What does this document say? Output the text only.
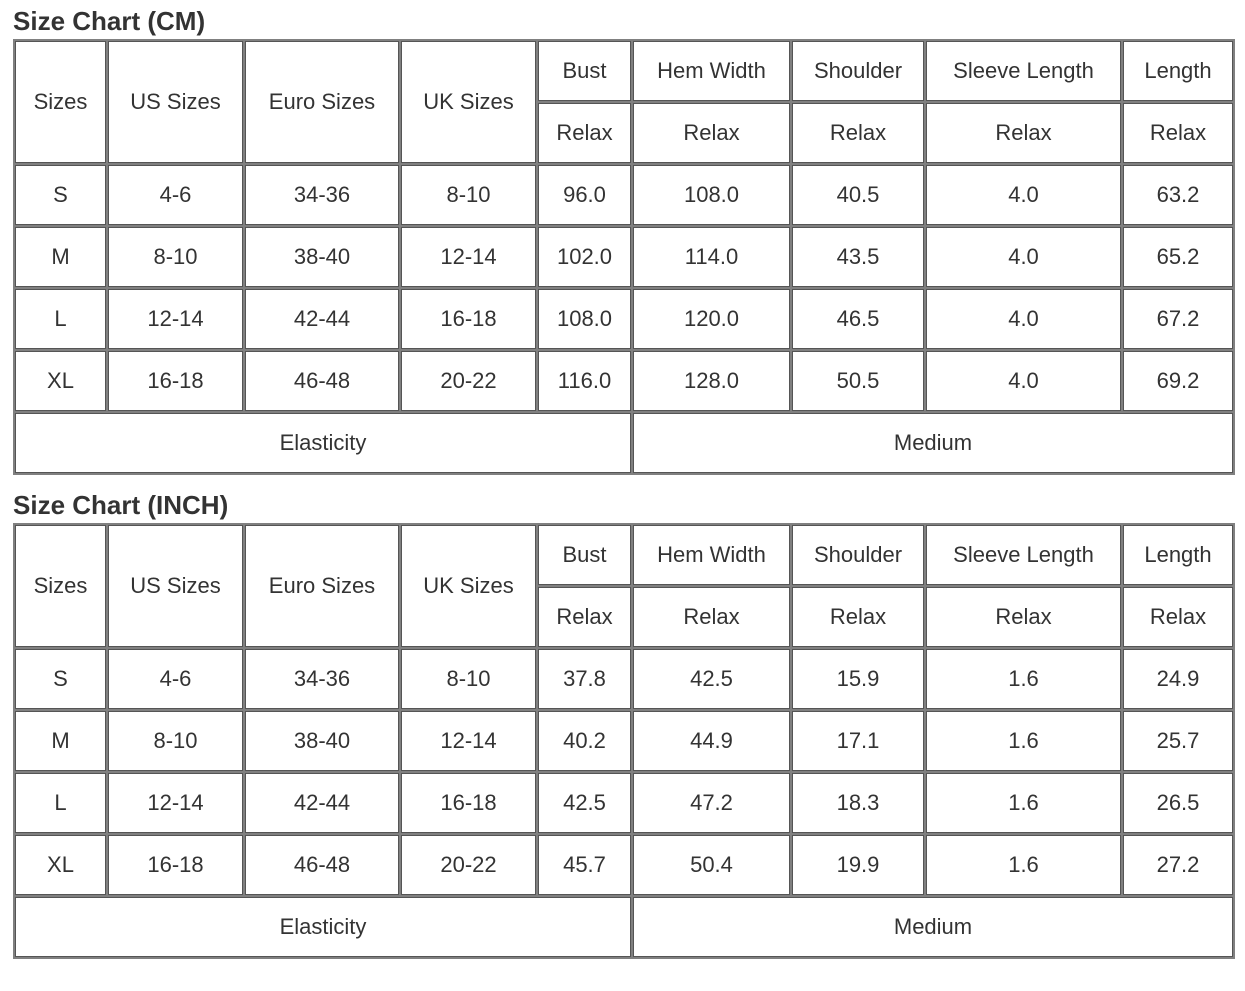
Size Chart (CM)
Sizes	US Sizes	Euro Sizes	UK Sizes	Bust	Hem Width	Shoulder	Sleeve Length	Length
				Relax	Relax	Relax	Relax	Relax
S	4-6	34-36	8-10	96.0	108.0	40.5	4.0	63.2
M	8-10	38-40	12-14	102.0	114.0	43.5	4.0	65.2
L	12-14	42-44	16-18	108.0	120.0	46.5	4.0	67.2
XL	16-18	46-48	20-22	116.0	128.0	50.5	4.0	69.2
Elasticity					Medium			
Size Chart (INCH)
Sizes	US Sizes	Euro Sizes	UK Sizes	Bust	Hem Width	Shoulder	Sleeve Length	Length
				Relax	Relax	Relax	Relax	Relax
S	4-6	34-36	8-10	37.8	42.5	15.9	1.6	24.9
M	8-10	38-40	12-14	40.2	44.9	17.1	1.6	25.7
L	12-14	42-44	16-18	42.5	47.2	18.3	1.6	26.5
XL	16-18	46-48	20-22	45.7	50.4	19.9	1.6	27.2
Elasticity					Medium			
